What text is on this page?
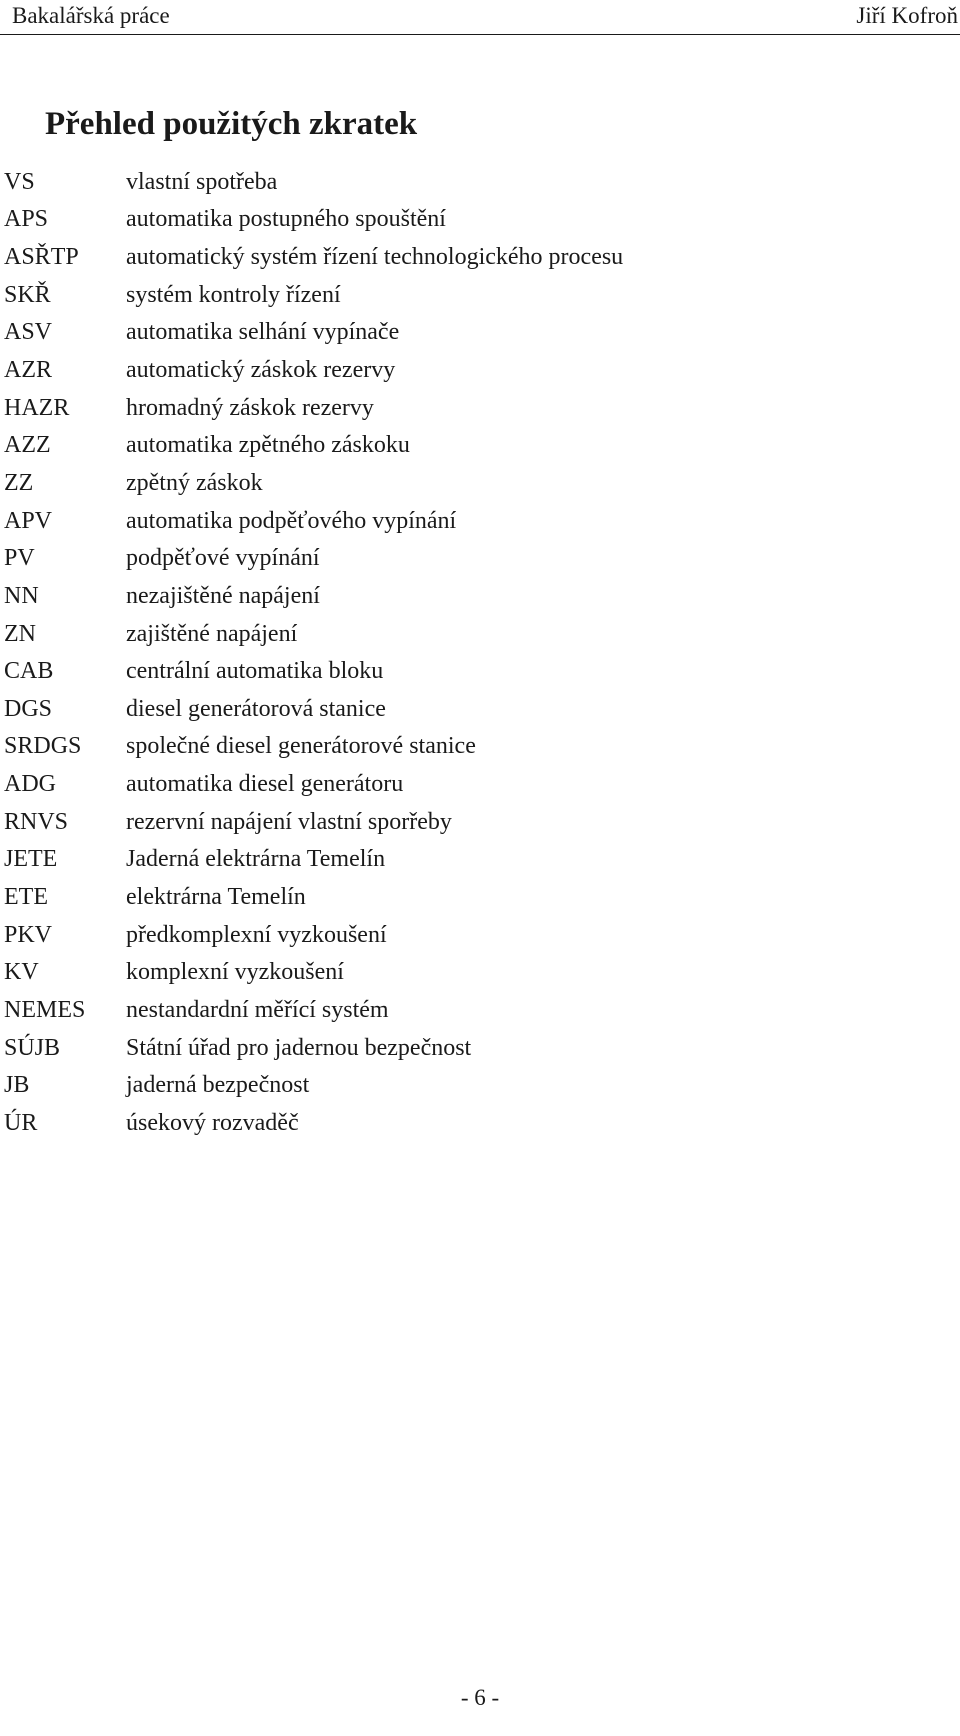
Bakalářská práce	Jiří Kofroň
Přehled použitých zkratek
VS	vlastní spotřeba
APS	automatika postupného spouštění
ASŘTP	automatický systém řízení technologického procesu
SKŘ	systém kontroly řízení
ASV	automatika selhání vypínače
AZR	automatický záskok rezervy
HAZR	hromadný záskok rezervy
AZZ	automatika zpětného záskoku
ZZ	zpětný záskok
APV	automatika podpěťového vypínání
PV	podpěťové vypínání
NN	nezajištěné napájení
ZN	zajištěné napájení
CAB	centrální automatika bloku
DGS	diesel generátorová stanice
SRDGS	společné diesel generátorové stanice
ADG	automatika diesel generátoru
RNVS	rezervní napájení vlastní sporřeby
JETE	Jaderná elektrárna Temelín
ETE	elektrárna Temelín
PKV	předkomplexní vyzkoušení
KV	komplexní vyzkoušení
NEMES	nestandardní měřící systém
SÚJB	Státní úřad pro jadernou bezpečnost
JB	jaderná bezpečnost
ÚR	úsekový rozvaděč
- 6 -
